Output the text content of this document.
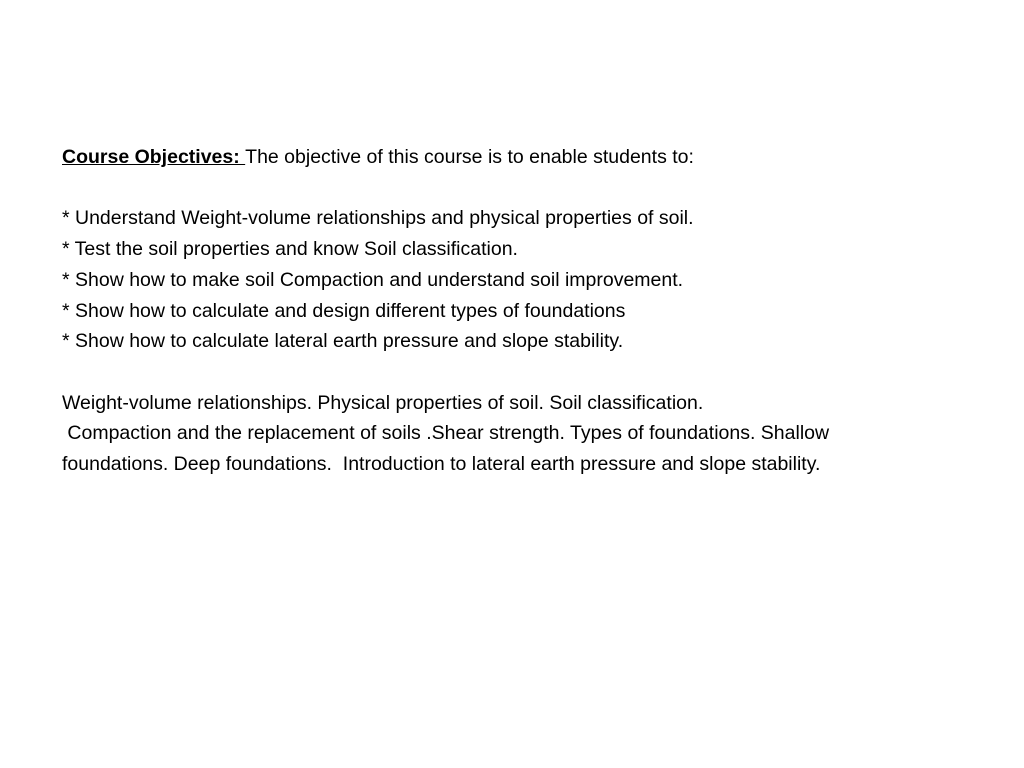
Course Objectives: The objective of this course is to enable students to:
* Understand Weight-volume relationships and physical properties of soil.
* Test the soil properties and know Soil classification.
* Show how to make soil Compaction and understand soil improvement.
* Show how to calculate and design different types of foundations
* Show how to calculate lateral earth pressure and slope stability.
Weight-volume relationships. Physical properties of soil. Soil classification.
Compaction and the replacement of soils .Shear strength. Types of foundations. Shallow
foundations. Deep foundations.  Introduction to lateral earth pressure and slope stability.
